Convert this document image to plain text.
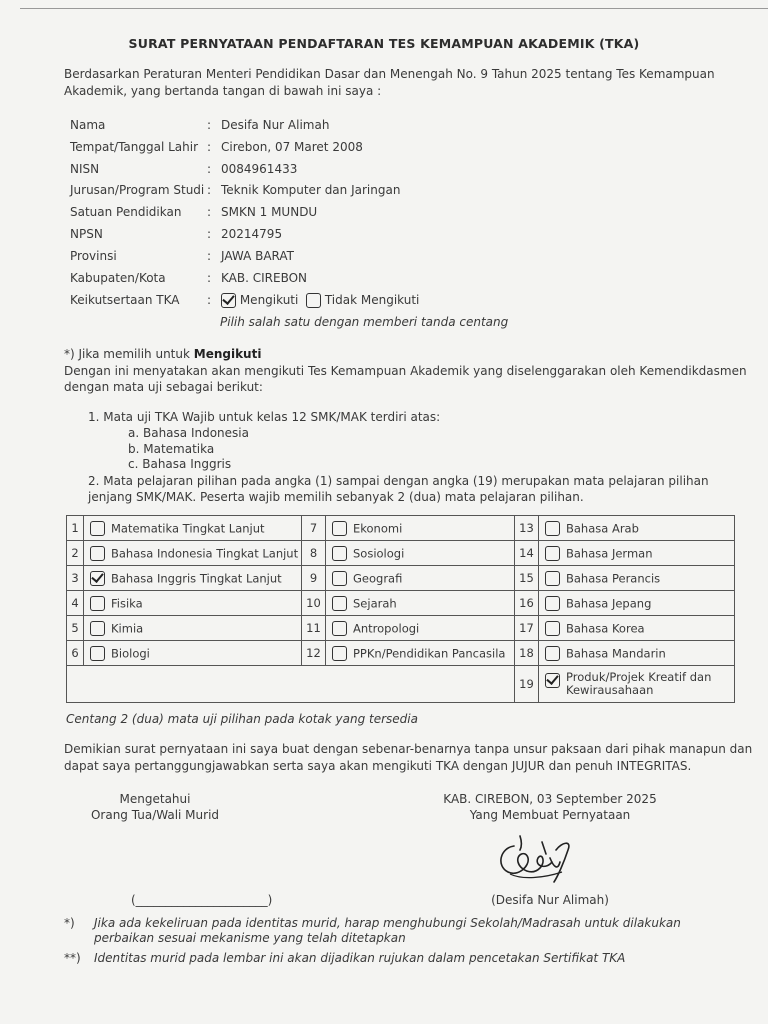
SURAT PERNYATAAN PENDAFTARAN TES KEMAMPUAN AKADEMIK (TKA)
Berdasarkan Peraturan Menteri Pendidikan Dasar dan Menengah No. 9 Tahun 2025 tentang Tes Kemampuan Akademik, yang bertanda tangan di bawah ini saya :
Nama	: Desifa Nur Alimah
Tempat/Tanggal Lahir : Cirebon, 07 Maret 2008
NISN	: 0084961433
Jurusan/Program Studi : Teknik Komputer dan Jaringan
Satuan Pendidikan	: SMKN 1 MUNDU
NPSN	: 20214795
Provinsi	: JAWA BARAT
Kabupaten/Kota	: KAB. CIREBON
Keikutsertaan TKA	:	Mengikuti Tidak Mengikuti
Pilih salah satu dengan memberi tanda centang
*) Jika memilih untuk Mengikuti
Dengan ini menyatakan akan mengikuti Tes Kemampuan Akademik yang diselenggarakan oleh Kemendikdasmen dengan mata uji sebagai berikut:
1. Mata uji TKA Wajib untuk kelas 12 SMK/MAK terdiri atas:
a. Bahasa Indonesia
b. Matematika
c. Bahasa Inggris
2. Mata pelajaran pilihan pada angka (1) sampai dengan angka (19) merupakan mata pelajaran pilihan jenjang SMK/MAK. Peserta wajib memilih sebanyak 2 (dua) mata pelajaran pilihan.
1	Matematika Tingkat Lanjut	7	Ekonomi	13	Bahasa Arab
2	Bahasa Indonesia Tingkat Lanjut	8	Sosiologi	14	Bahasa Jerman
3	Bahasa Inggris Tingkat Lanjut	9	Geografi	15	Bahasa Perancis
4	Fisika	10	Sejarah	16	Bahasa Jepang
5	Kimia	11	Antropologi	17	Bahasa Korea
6	Biologi	12	PPKn/Pendidikan Pancasila	18	Bahasa Mandarin
				19	Produk/Projek Kreatif dan
Kewirausahaan
Centang 2 (dua) mata uji pilihan pada kotak yang tersedia
Demikian surat pernyataan ini saya buat dengan sebenar-benarnya tanpa unsur paksaan dari pihak manapun dan dapat saya pertanggungjawabkan serta saya akan mengikuti TKA dengan JUJUR dan penuh INTEGRITAS.
Mengetahui
Orang Tua/Wali Murid
KAB. CIREBON, 03 September 2025
Yang Membuat Pernyataan
(______________________)	(Desifa Nur Alimah)
*) Jika ada kekeliruan pada identitas murid, harap menghubungi Sekolah/Madrasah untuk dilakukan perbaikan sesuai mekanisme yang telah ditetapkan
**) Identitas murid pada lembar ini akan dijadikan rujukan dalam pencetakan Sertifikat TKA
